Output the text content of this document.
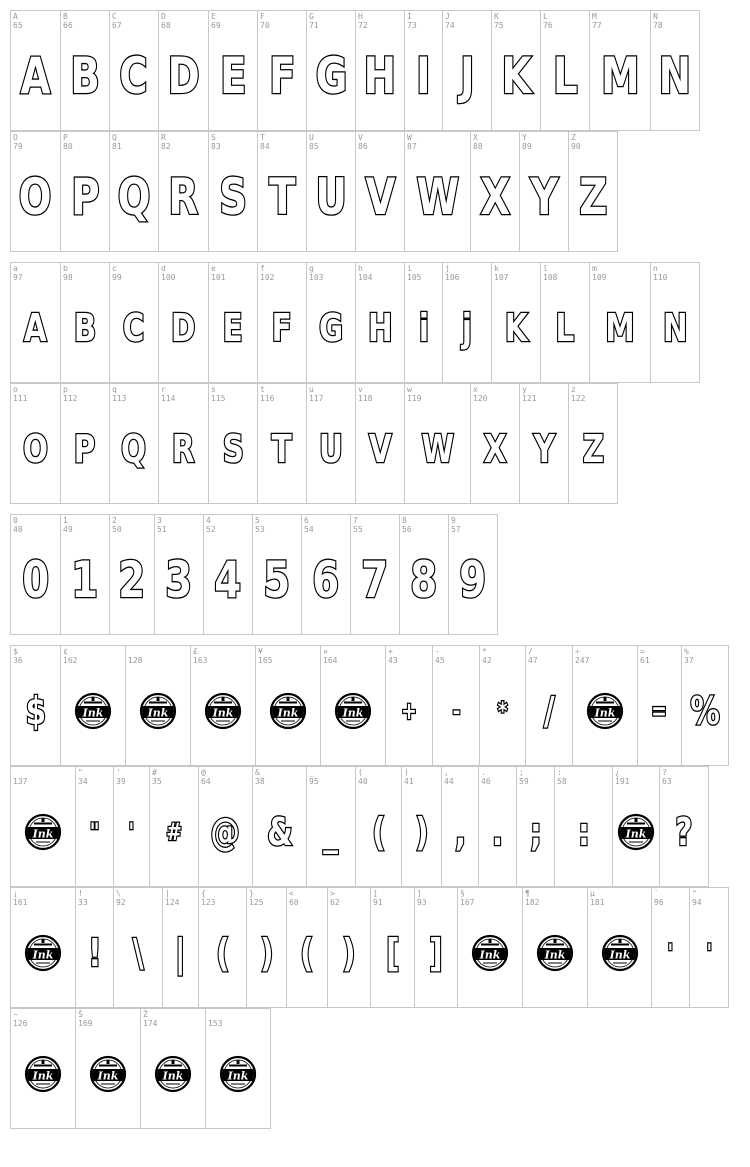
A
65
A
B
66
B
C
67
C
D
68
D
E
69
E
F
70
F
G
71
G
H
72
H
I
73
I
J
74
J
K
75
K
L
76
L
M
77
M
N
78
N
O
79
O
P
80
P
Q
81
Q
R
82
R
S
83
S
T
84
T
U
85
U
V
86
V
W
87
W
X
88
X
Y
89
Y
Z
90
Z
a
97
A
b
98
B
c
99
C
d
100
D
e
101
E
f
102
F
g
103
G
h
104
H
i
105
i
j
106
j
k
107
K
l
108
L
m
109
M
n
110
N
o
111
O
p
112
P
q
113
Q
r
114
R
s
115
S
t
116
T
u
117
U
v
118
V
w
119
W
x
120
X
y
121
Y
z
122
Z
0
48
0
1
49
1
2
50
2
3
51
3
4
52
4
5
53
5
6
54
6
7
55
7
8
56
8
9
57
9
$
36
$
¢
162
Ink

128
Ink
£
163
Ink
¥
165
Ink
¤
164
Ink
+
43
+
-
45
-
*
42
*
/
47
/
÷
247
Ink
=
61
=
%
37
%

137
Ink
"
34
"
'
39
'
#
35
#
@
64
@
&
38
&
_
95
_
(
40
(
)
41
)
,
44
,
.
46
.
;
59
;
:
58
:
¿
191
Ink
?
63
?
¡
161
Ink
!
33
!
\
92
\
|
124
|
{
123
(
}
125
)
<
60
(
>
62
)
[
91
[
]
93
]
§
167
Ink
¶
182
Ink
µ
181
Ink
`
96
'
^
94
'
~
126
Ink
Š
169
Ink
Ž
174
Ink

153
Ink
